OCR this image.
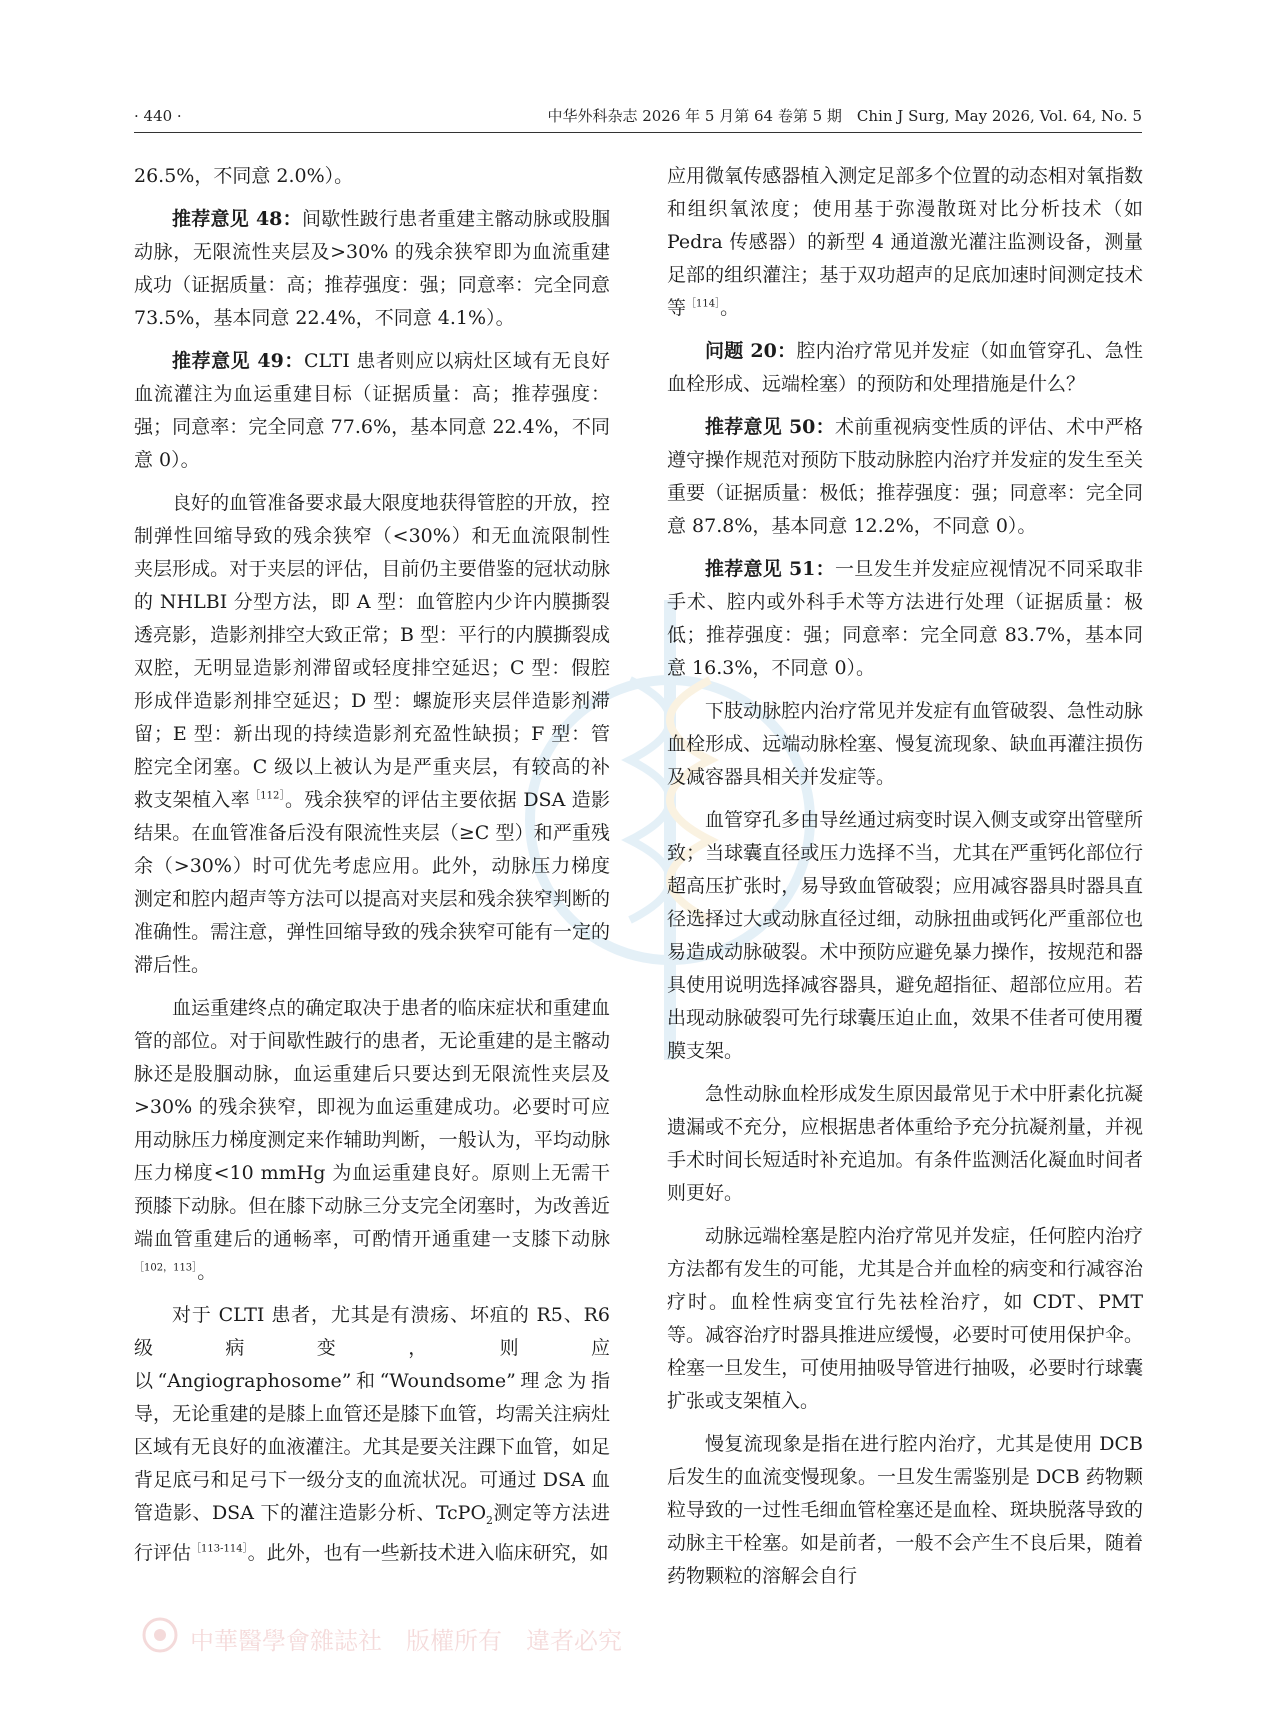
· 440 ·	中华外科杂志 2026 年 5 月第 64 卷第 5 期　Chin J Surg, May 2026, Vol. 64, No. 5
中華醫學會雜誌社　版權所有　違者必究

26.5%，不同意 2.0%）。

推荐意见 48：间歇性跛行患者重建主髂动脉或股腘动脉，无限流性夹层及>30% 的残余狭窄即为血流重建成功（证据质量：高；推荐强度：强；同意率：完全同意 73.5%，基本同意 22.4%，不同意 4.1%）。

推荐意见 49：CLTI 患者则应以病灶区域有无良好血流灌注为血运重建目标（证据质量：高；推荐强度：强；同意率：完全同意 77.6%，基本同意 22.4%，不同意 0）。

良好的血管准备要求最大限度地获得管腔的开放，控制弹性回缩导致的残余狭窄（<30%）和无血流限制性夹层形成。对于夹层的评估，目前仍主要借鉴的冠状动脉的 NHLBI 分型方法，即 A 型：血管腔内少许内膜撕裂透亮影，造影剂排空大致正常；B 型：平行的内膜撕裂成双腔，无明显造影剂滞留或轻度排空延迟；C 型：假腔形成伴造影剂排空延迟；D 型：螺旋形夹层伴造影剂滞留；E 型：新出现的持续造影剂充盈性缺损；F 型：管腔完全闭塞。C 级以上被认为是严重夹层，有较高的补救支架植入率$^{[112]}$。残余狭窄的评估主要依据 DSA 造影结果。在血管准备后没有限流性夹层（≥C 型）和严重残余（>30%）时可优先考虑应用。此外，动脉压力梯度测定和腔内超声等方法可以提高对夹层和残余狭窄判断的准确性。需注意，弹性回缩导致的残余狭窄可能有一定的滞后性。

血运重建终点的确定取决于患者的临床症状和重建血管的部位。对于间歇性跛行的患者，无论重建的是主髂动脉还是股腘动脉，血运重建后只要达到无限流性夹层及>30% 的残余狭窄，即视为血运重建成功。必要时可应用动脉压力梯度测定来作辅助判断，一般认为，平均动脉压力梯度<10 mmHg 为血运重建良好。原则上无需干预膝下动脉。但在膝下动脉三分支完全闭塞时，为改善近端血管重建后的通畅率，可酌情开通重建一支膝下动脉$^{[102,113]}$。

对于 CLTI 患者，尤其是有溃疡、坏疽的 R5、R6 级病变，则应以“Angiographosome”和“Woundsome”理念为指导，无论重建的是膝上血管还是膝下血管，均需关注病灶区域有无良好的血液灌注。尤其是要关注踝下血管，如足背足底弓和足弓下一级分支的血流状况。可通过 DSA 血管造影、DSA 下的灌注造影分析、TcPO$_2$测定等方法进行评估$^{[113-114]}$。此外，也有一些新技术进入临床研究，如

应用微氧传感器植入测定足部多个位置的动态相对氧指数和组织氧浓度；使用基于弥漫散斑对比分析技术（如 Pedra 传感器）的新型 4 通道激光灌注监测设备，测量足部的组织灌注；基于双功超声的足底加速时间测定技术等$^{[114]}$。

问题 20：腔内治疗常见并发症（如血管穿孔、急性血栓形成、远端栓塞）的预防和处理措施是什么？

推荐意见 50：术前重视病变性质的评估、术中严格遵守操作规范对预防下肢动脉腔内治疗并发症的发生至关重要（证据质量：极低；推荐强度：强；同意率：完全同意 87.8%，基本同意 12.2%，不同意 0）。

推荐意见 51：一旦发生并发症应视情况不同采取非手术、腔内或外科手术等方法进行处理（证据质量：极低；推荐强度：强；同意率：完全同意 83.7%，基本同意 16.3%，不同意 0）。

下肢动脉腔内治疗常见并发症有血管破裂、急性动脉血栓形成、远端动脉栓塞、慢复流现象、缺血再灌注损伤及减容器具相关并发症等。

血管穿孔多由导丝通过病变时误入侧支或穿出管壁所致；当球囊直径或压力选择不当，尤其在严重钙化部位行超高压扩张时，易导致血管破裂；应用减容器具时器具直径选择过大或动脉直径过细，动脉扭曲或钙化严重部位也易造成动脉破裂。术中预防应避免暴力操作，按规范和器具使用说明选择减容器具，避免超指征、超部位应用。若出现动脉破裂可先行球囊压迫止血，效果不佳者可使用覆膜支架。

急性动脉血栓形成发生原因最常见于术中肝素化抗凝遗漏或不充分，应根据患者体重给予充分抗凝剂量，并视手术时间长短适时补充追加。有条件监测活化凝血时间者则更好。

动脉远端栓塞是腔内治疗常见并发症，任何腔内治疗方法都有发生的可能，尤其是合并血栓的病变和行减容治疗时。血栓性病变宜行先祛栓治疗，如 CDT、PMT 等。减容治疗时器具推进应缓慢，必要时可使用保护伞。栓塞一旦发生，可使用抽吸导管进行抽吸，必要时行球囊扩张或支架植入。

慢复流现象是指在进行腔内治疗，尤其是使用 DCB 后发生的血流变慢现象。一旦发生需鉴别是 DCB 药物颗粒导致的一过性毛细血管栓塞还是血栓、斑块脱落导致的动脉主干栓塞。如是前者，一般不会产生不良后果，随着药物颗粒的溶解会自行
